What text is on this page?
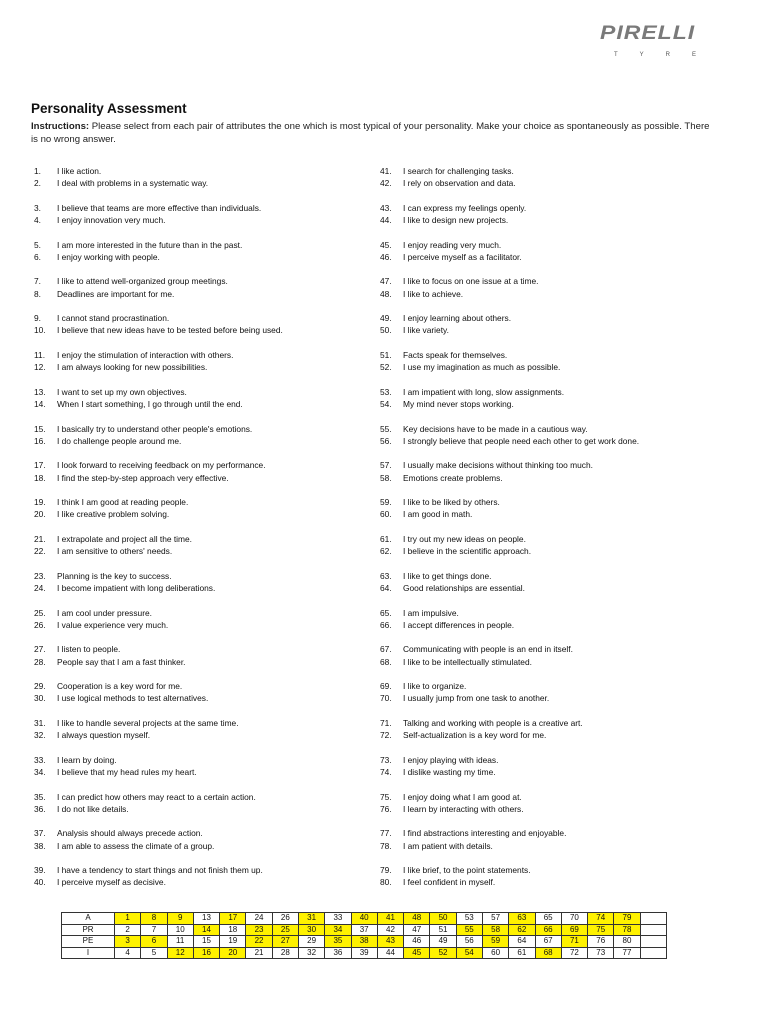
PIRELLI
T	Y	R	E
Personality Assessment
Instructions: Please select from each pair of attributes the one which is most typical of your personality. Make your choice as spontaneously as possible. There is no wrong answer.
1.	I like action.
2.	I deal with problems in a systematic way.
3.	I believe that teams are more effective than individuals.
4.	I enjoy innovation very much.
5.	I am more interested in the future than in the past.
6.	I enjoy working with people.
7.	I like to attend well-organized group meetings.
8.	Deadlines are important for me.
9.	I cannot stand procrastination.
10.	I believe that new ideas have to be tested before being used.
11.	I enjoy the stimulation of interaction with others.
12.	I am always looking for new possibilities.
13.	I want to set up my own objectives.
14.	When I start something, I go through until the end.
15.	I basically try to understand other people's emotions.
16.	I do challenge people around me.
17.	I look forward to receiving feedback on my performance.
18.	I find the step-by-step approach very effective.
19.	I think I am good at reading people.
20.	I like creative problem solving.
21.	I extrapolate and project all the time.
22.	I am sensitive to others' needs.
23.	Planning is the key to success.
24.	I become impatient with long deliberations.
25.	I am cool under pressure.
26.	I value experience very much.
27.	I listen to people.
28.	People say that I am a fast thinker.
29.	Cooperation is a key word for me.
30.	I use logical methods to test alternatives.
31.	I like to handle several projects at the same time.
32.	I always question myself.
33.	I learn by doing.
34.	I believe that my head rules my heart.
35.	I can predict how others may react to a certain action.
36.	I do not like details.
37.	Analysis should always precede action.
38.	I am able to assess the climate of a group.
39.	I have a tendency to start things and not finish them up.
40.	I perceive myself as decisive.
41.	I search for challenging tasks.
42.	I rely on observation and data.
43.	I can express my feelings openly.
44.	I like to design new projects.
45.	I enjoy reading very much.
46.	I perceive myself as a facilitator.
47.	I like to focus on one issue at a time.
48.	I like to achieve.
49.	I enjoy learning about others.
50.	I like variety.
51.	Facts speak for themselves.
52.	I use my imagination as much as possible.
53.	I am impatient with long, slow assignments.
54.	My mind never stops working.
55.	Key decisions have to be made in a cautious way.
56.	I strongly believe that people need each other to get work done.
57.	I usually make decisions without thinking too much.
58.	Emotions create problems.
59.	I like to be liked by others.
60.	I am good in math.
61.	I try out my new ideas on people.
62.	I believe in the scientific approach.
63.	I like to get things done.
64.	Good relationships are essential.
65.	I am impulsive.
66.	I accept differences in people.
67.	Communicating with people is an end in itself.
68.	I like to be intellectually stimulated.
69.	I like to organize.
70.	I usually jump from one task to another.
71.	Talking and working with people is a creative art.
72.	Self-actualization is a key word for me.
73.	I enjoy playing with ideas.
74.	I dislike wasting my time.
75.	I enjoy doing what I am good at.
76.	I learn by interacting with others.
77.	I find abstractions interesting and enjoyable.
78.	I am patient with details.
79.	I like brief, to the point statements.
80.	I feel confident in myself.
A	1	8	9	13	17	24	26	31	33	40	41	48	50	53	57	63	65	70	74	79	
PR	2	7	10	14	18	23	25	30	34	37	42	47	51	55	58	62	66	69	75	78	
PE	3	6	11	15	19	22	27	29	35	38	43	46	49	56	59	64	67	71	76	80	
I	4	5	12	16	20	21	28	32	36	39	44	45	52	54	60	61	68	72	73	77	
